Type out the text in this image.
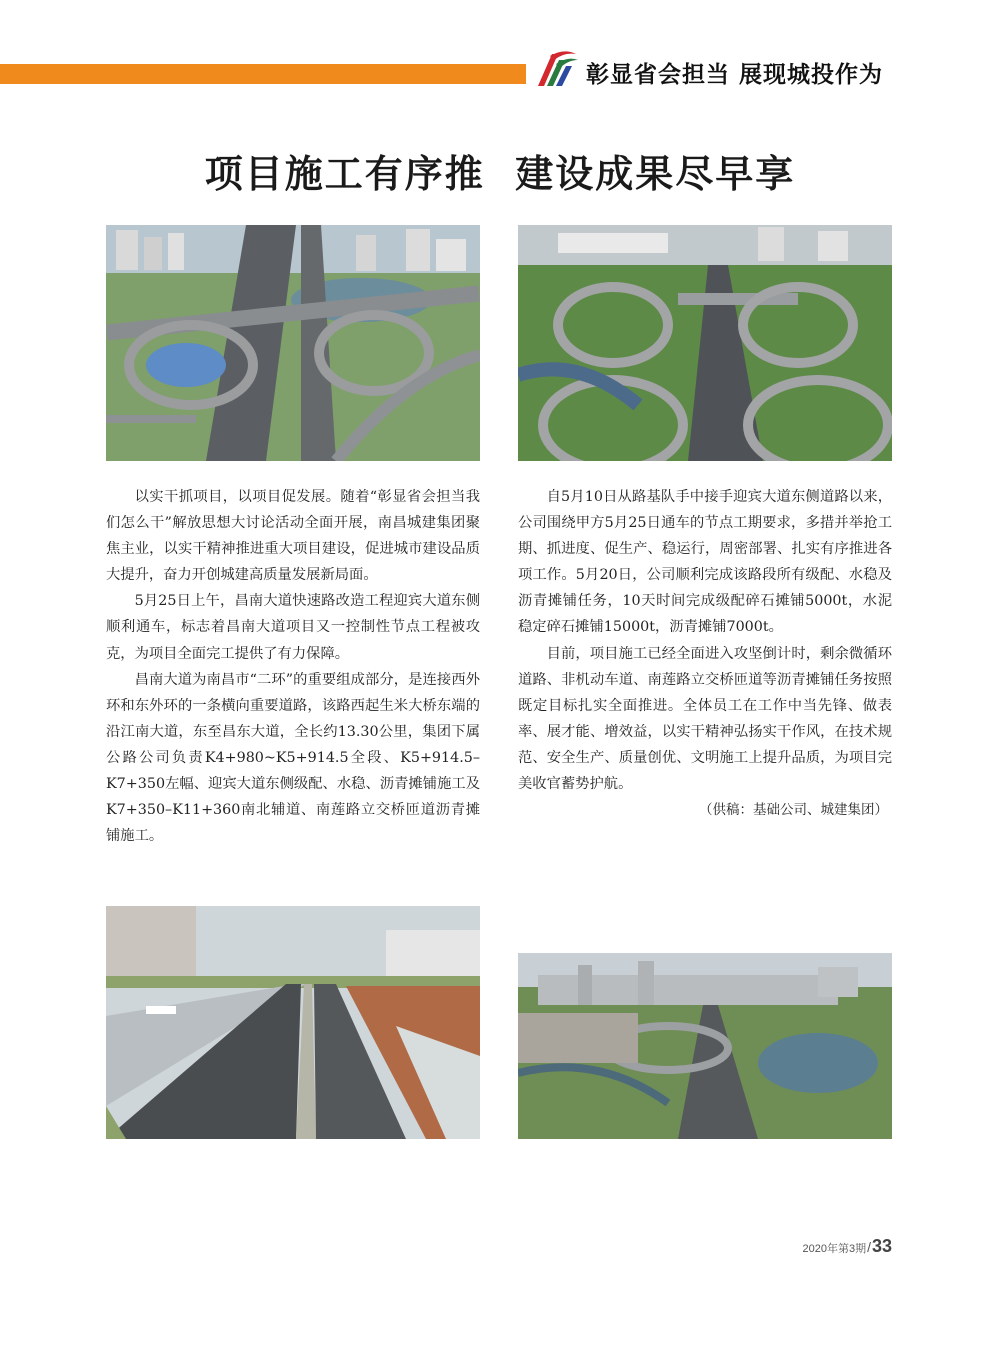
彰显省会担当 展现城投作为
项目施工有序推  建设成果尽早享

以实干抓项目，以项目促发展。随着“彰显省会担当我们怎么干”解放思想大讨论活动全面开展，南昌城建集团聚焦主业，以实干精神推进重大项目建设，促进城市建设品质大提升，奋力开创城建高质量发展新局面。

5月25日上午，昌南大道快速路改造工程迎宾大道东侧顺利通车，标志着昌南大道项目又一控制性节点工程被攻克，为项目全面完工提供了有力保障。

昌南大道为南昌市“二环”的重要组成部分，是连接西外环和东外环的一条横向重要道路，该路西起生米大桥东端的沿江南大道，东至昌东大道，全长约13.30公里，集团下属公路公司负责K4+980~K5+914.5全段、K5+914.5–K7+350左幅、迎宾大道东侧级配、水稳、沥青摊铺施工及K7+350–K11+360南北辅道、南莲路立交桥匝道沥青摊铺施工。

自5月10日从路基队手中接手迎宾大道东侧道路以来，公司围绕甲方5月25日通车的节点工期要求，多措并举抢工期、抓进度、促生产、稳运行，周密部署、扎实有序推进各项工作。5月20日，公司顺利完成该路段所有级配、水稳及沥青摊铺任务，10天时间完成级配碎石摊铺5000t，水泥稳定碎石摊铺15000t，沥青摊铺7000t。

目前，项目施工已经全面进入攻坚倒计时，剩余微循环道路、非机动车道、南莲路立交桥匝道等沥青摊铺任务按照既定目标扎实全面推进。全体员工在工作中当先锋、做表率、展才能、增效益，以实干精神弘扬实干作风，在技术规范、安全生产、质量创优、文明施工上提升品质，为项目完美收官蓄势护航。

（供稿：基础公司、城建集团）
2020年第3期/33
